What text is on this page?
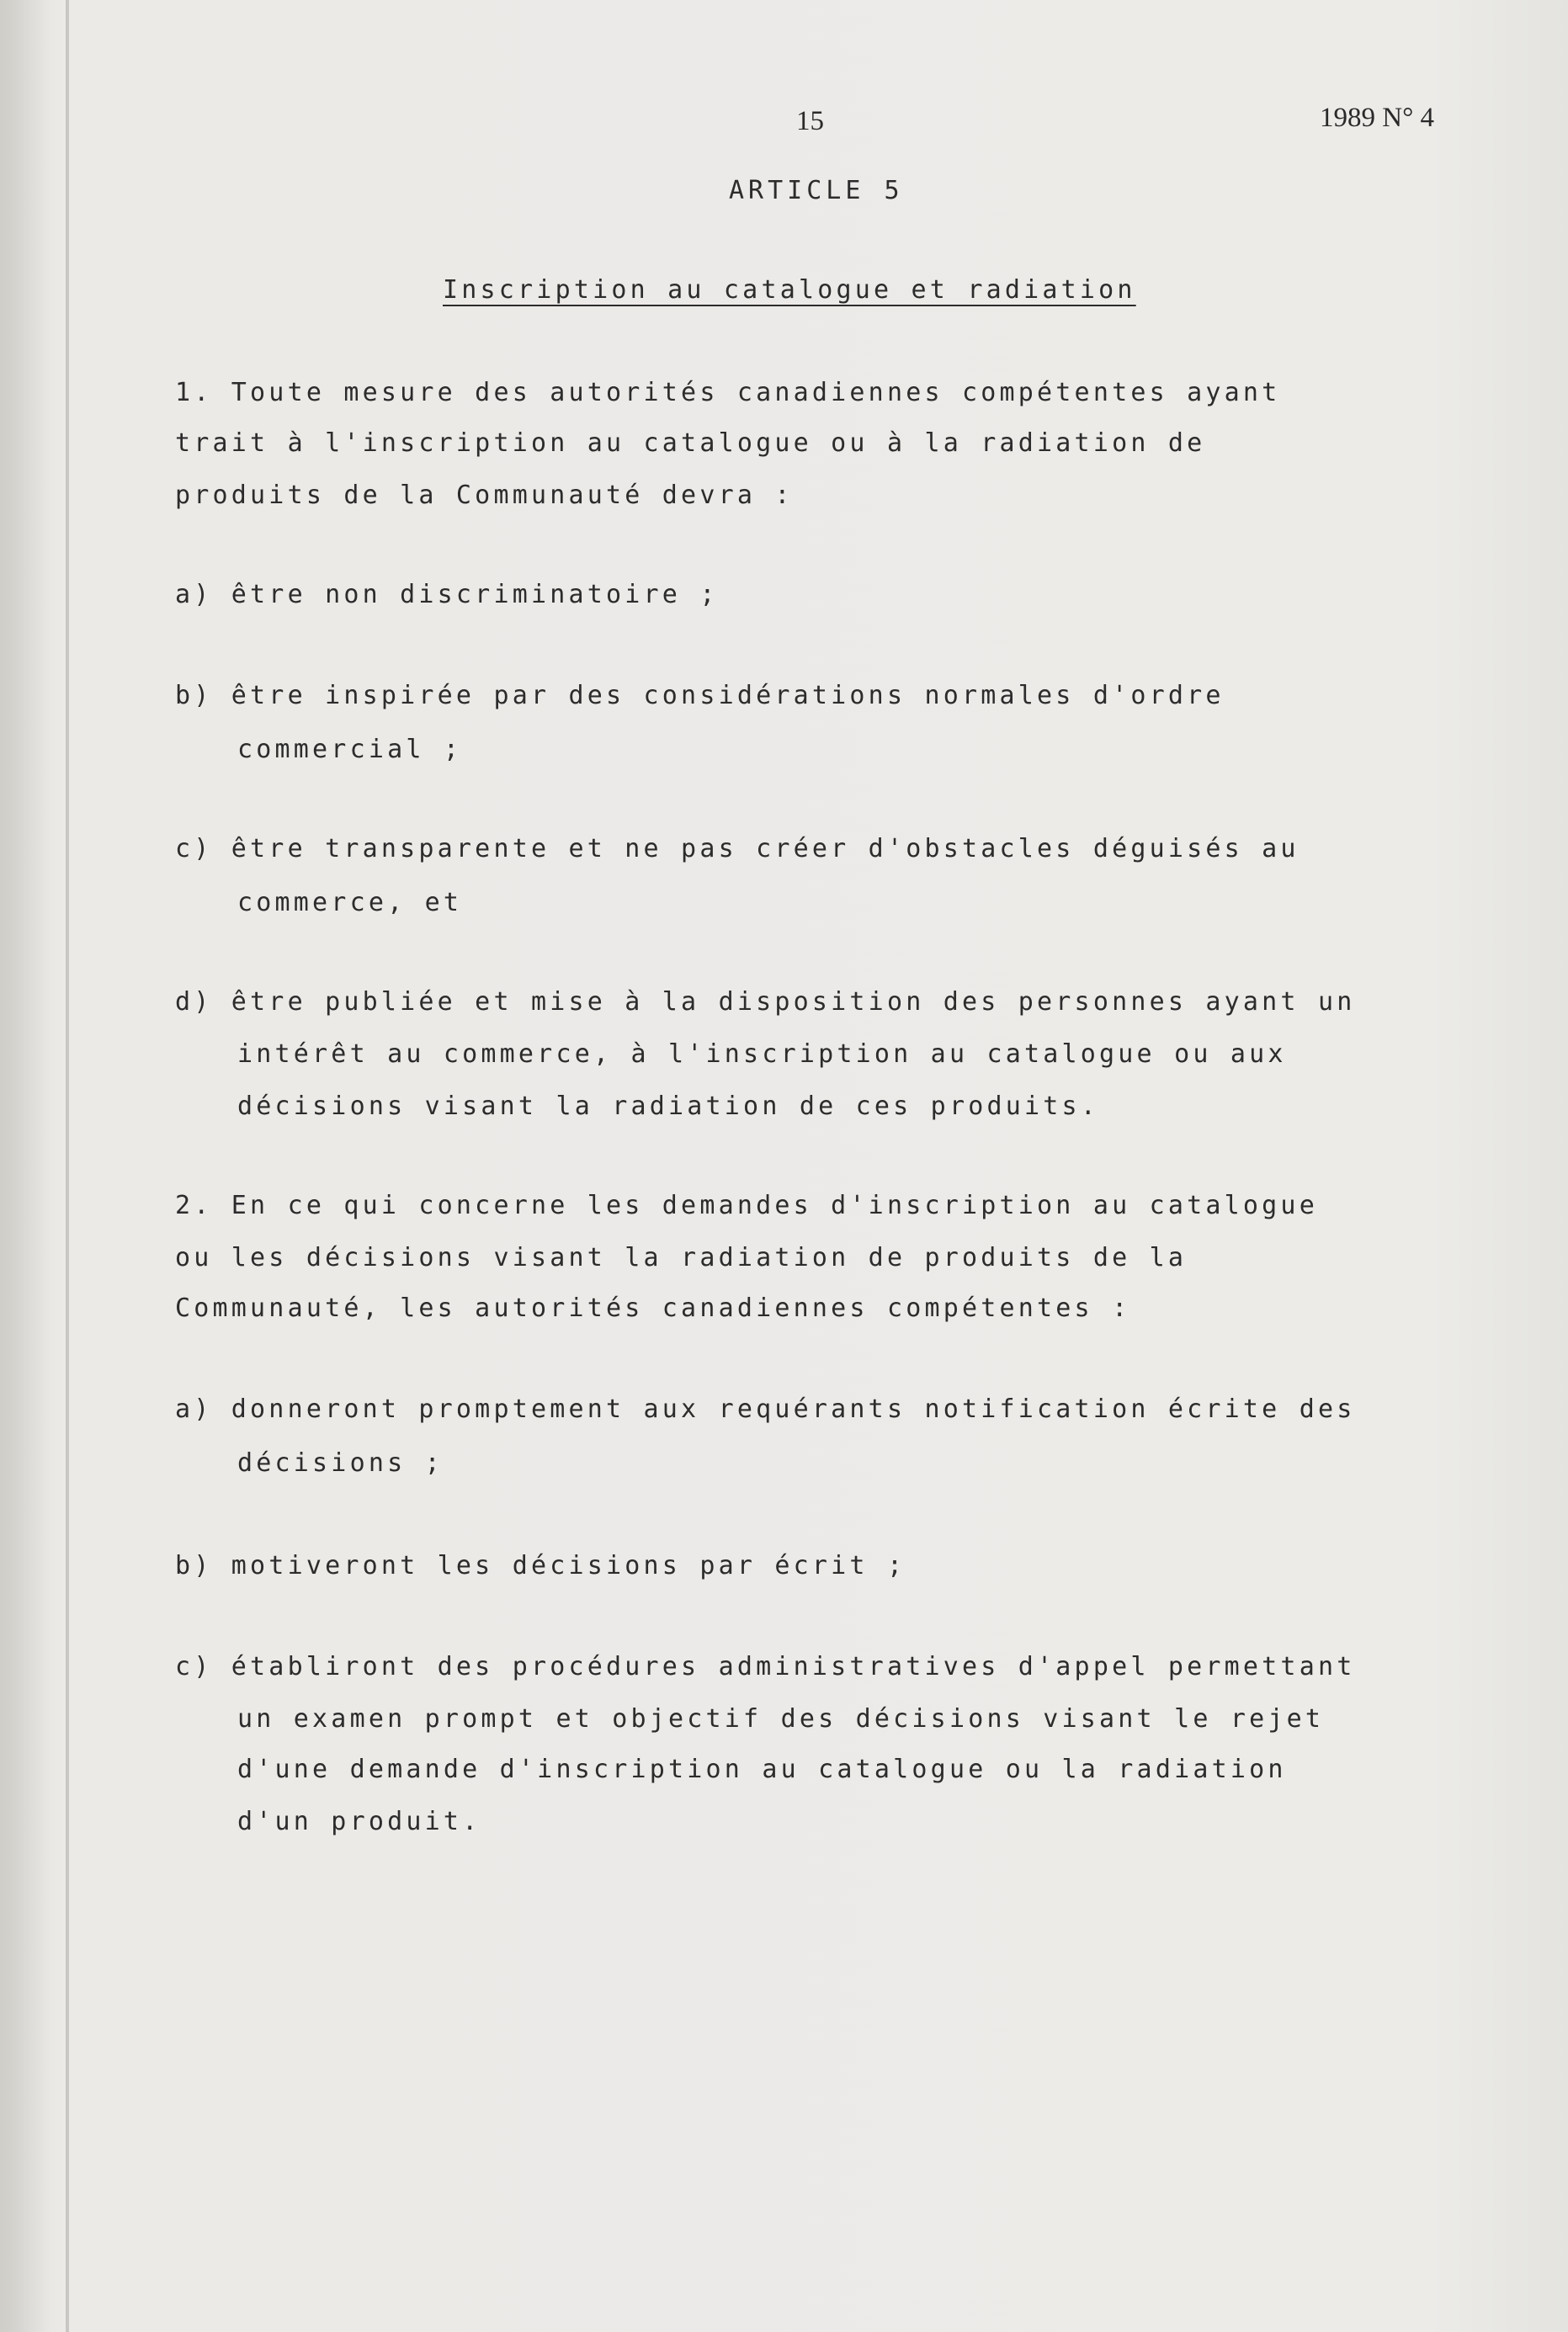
15	1989 N° 4
ARTICLE 5
Inscription au catalogue et radiation
1. Toute mesure des autorités canadiennes compétentes ayant
trait à l'inscription au catalogue ou à la radiation de
produits de la Communauté devra :
a) être non discriminatoire ;
b) être inspirée par des considérations normales d'ordre
commercial ;
c) être transparente et ne pas créer d'obstacles déguisés au
commerce, et
d) être publiée et mise à la disposition des personnes ayant un
intérêt au commerce, à l'inscription au catalogue ou aux
décisions visant la radiation de ces produits.
2. En ce qui concerne les demandes d'inscription au catalogue
ou les décisions visant la radiation de produits de la
Communauté, les autorités canadiennes compétentes :
a) donneront promptement aux requérants notification écrite des
décisions ;
b) motiveront les décisions par écrit ;
c) établiront des procédures administratives d'appel permettant
un examen prompt et objectif des décisions visant le rejet
d'une demande d'inscription au catalogue ou la radiation
d'un produit.
